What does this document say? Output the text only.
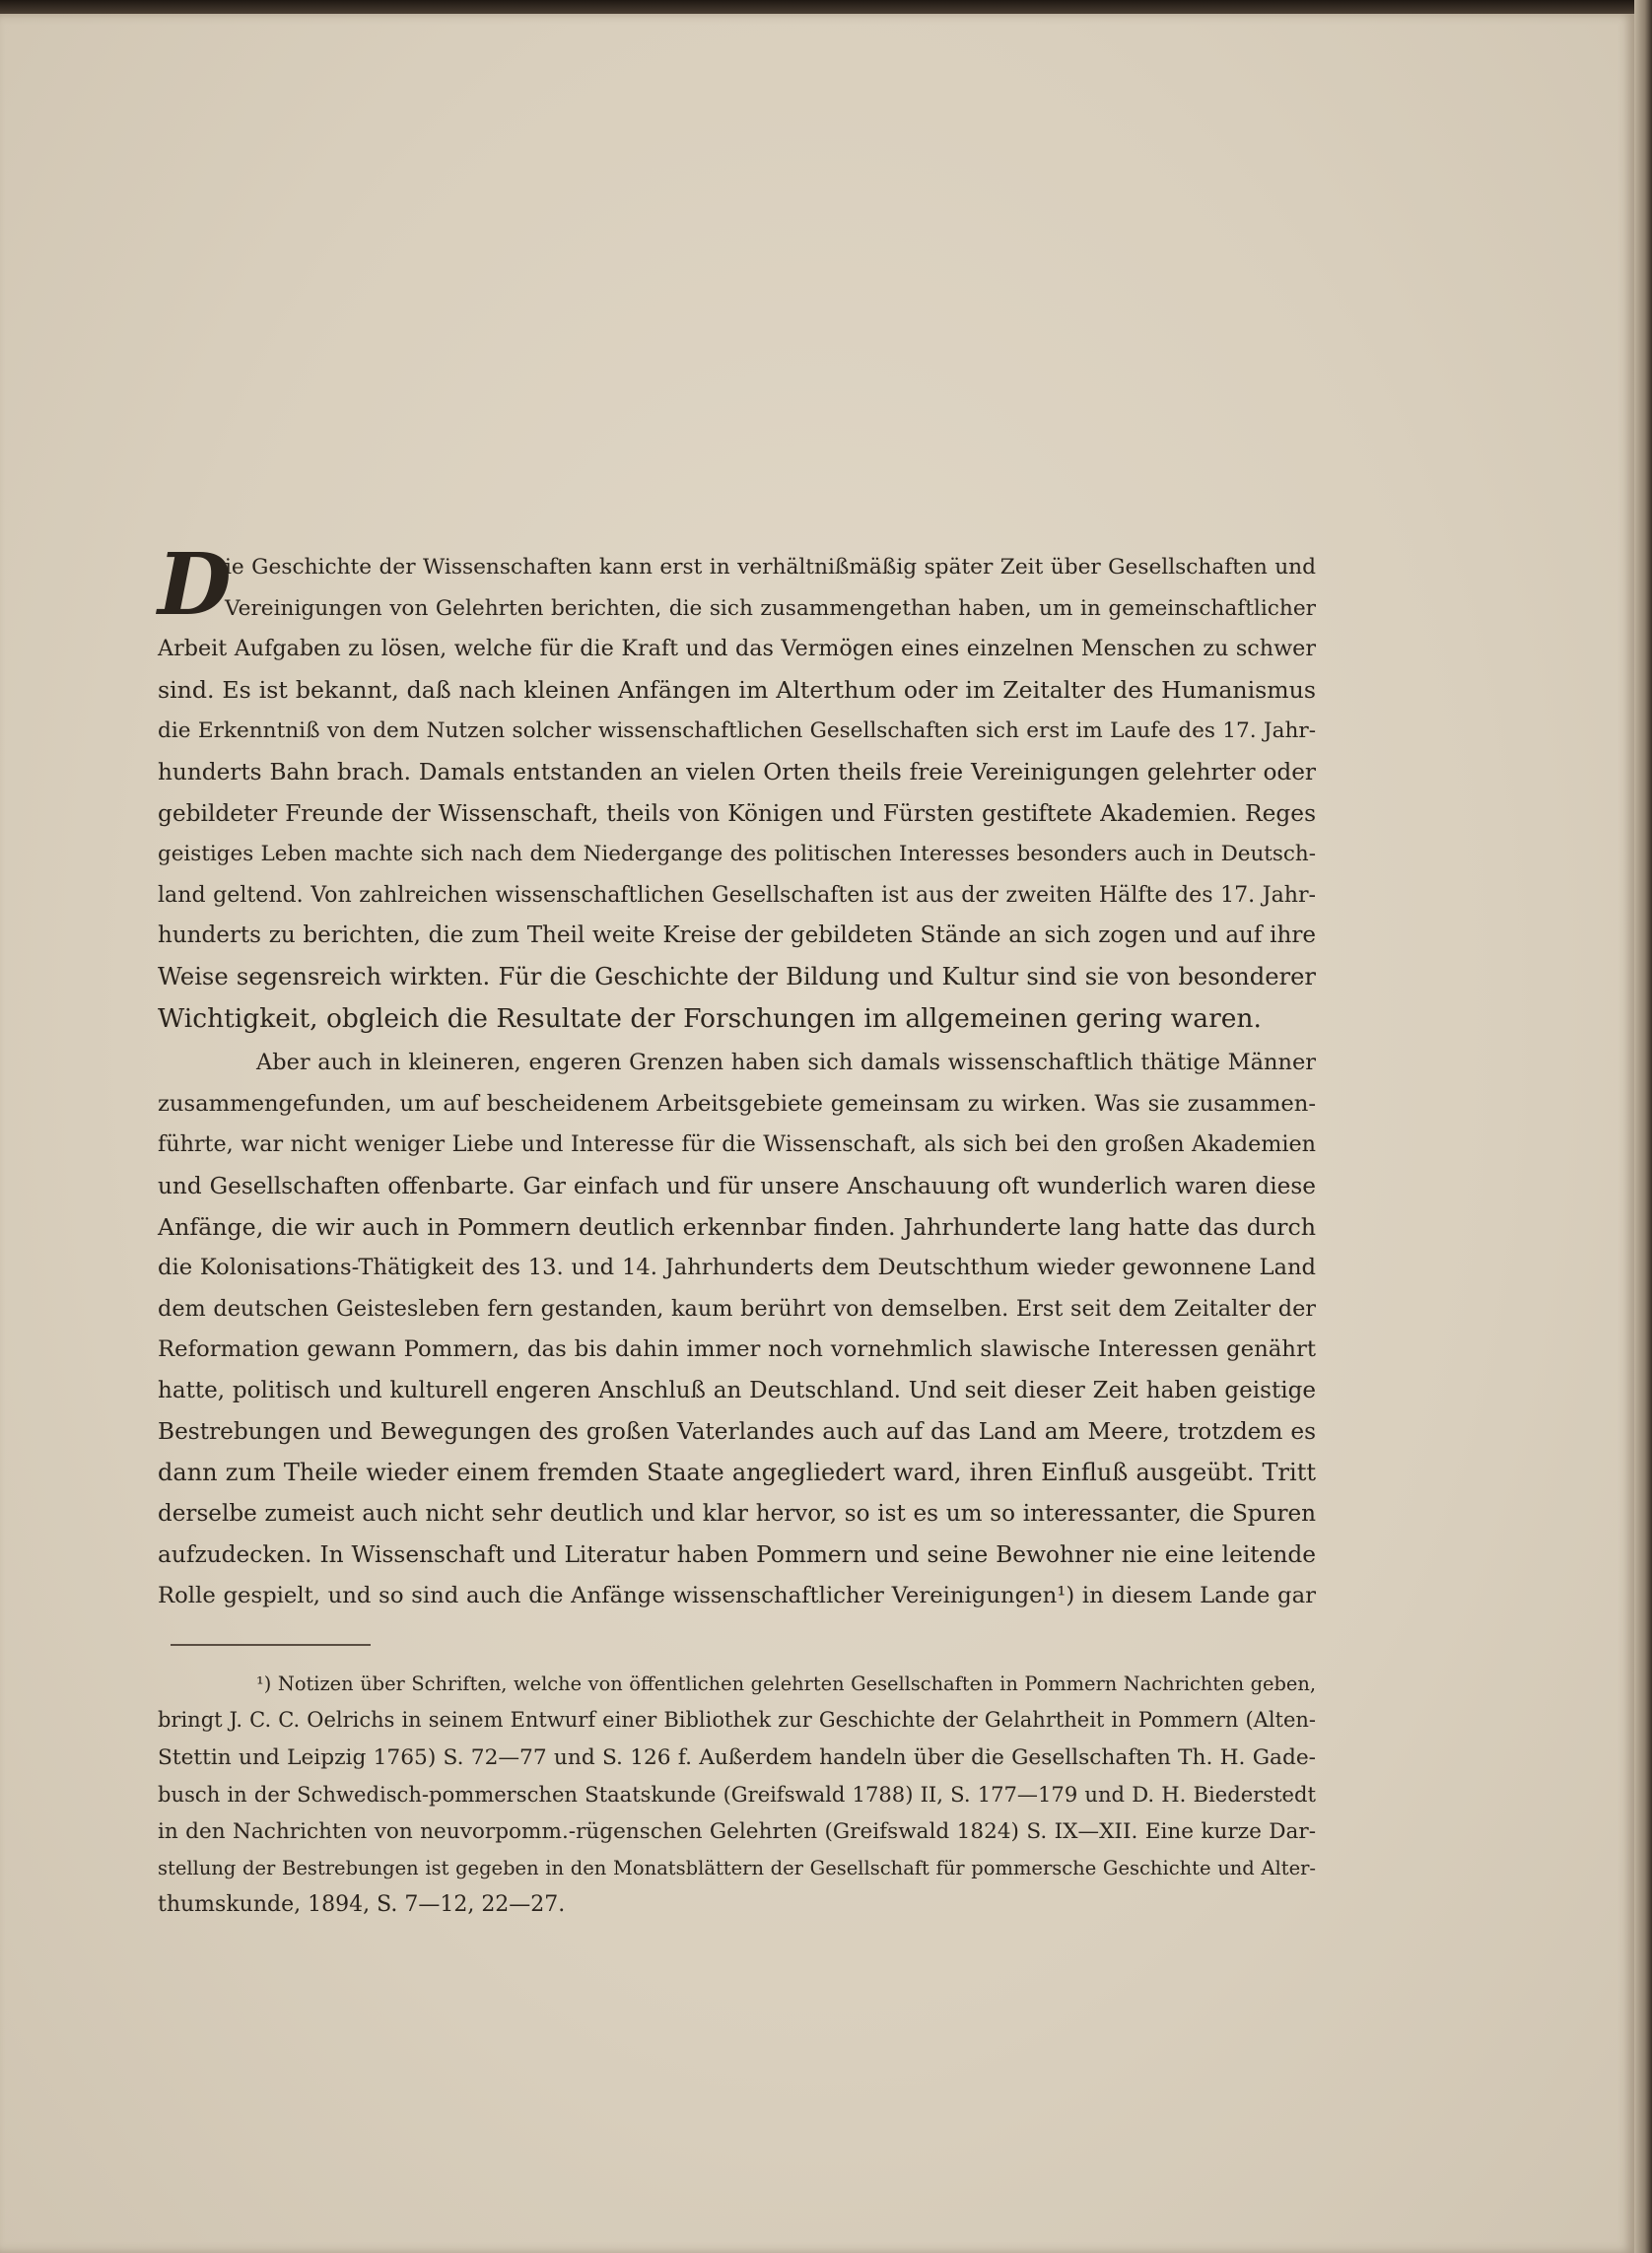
D
ie Geschichte der Wissenschaften kann erst in verhältnißmäßig später Zeit über Gesellschaften und
Vereinigungen von Gelehrten berichten, die sich zusammengethan haben, um in gemeinschaftlicher
Arbeit Aufgaben zu lösen, welche für die Kraft und das Vermögen eines einzelnen Menschen zu schwer
sind. Es ist bekannt, daß nach kleinen Anfängen im Alterthum oder im Zeitalter des Humanismus
die Erkenntniß von dem Nutzen solcher wissenschaftlichen Gesellschaften sich erst im Laufe des 17. Jahr-
hunderts Bahn brach. Damals entstanden an vielen Orten theils freie Vereinigungen gelehrter oder
gebildeter Freunde der Wissenschaft, theils von Königen und Fürsten gestiftete Akademien. Reges
geistiges Leben machte sich nach dem Niedergange des politischen Interesses besonders auch in Deutsch-
land geltend. Von zahlreichen wissenschaftlichen Gesellschaften ist aus der zweiten Hälfte des 17. Jahr-
hunderts zu berichten, die zum Theil weite Kreise der gebildeten Stände an sich zogen und auf ihre
Weise segensreich wirkten. Für die Geschichte der Bildung und Kultur sind sie von besonderer
Wichtigkeit, obgleich die Resultate der Forschungen im allgemeinen gering waren.
Aber auch in kleineren, engeren Grenzen haben sich damals wissenschaftlich thätige Männer
zusammengefunden, um auf bescheidenem Arbeitsgebiete gemeinsam zu wirken. Was sie zusammen-
führte, war nicht weniger Liebe und Interesse für die Wissenschaft, als sich bei den großen Akademien
und Gesellschaften offenbarte. Gar einfach und für unsere Anschauung oft wunderlich waren diese
Anfänge, die wir auch in Pommern deutlich erkennbar finden. Jahrhunderte lang hatte das durch
die Kolonisations-Thätigkeit des 13. und 14. Jahrhunderts dem Deutschthum wieder gewonnene Land
dem deutschen Geistesleben fern gestanden, kaum berührt von demselben. Erst seit dem Zeitalter der
Reformation gewann Pommern, das bis dahin immer noch vornehmlich slawische Interessen genährt
hatte, politisch und kulturell engeren Anschluß an Deutschland. Und seit dieser Zeit haben geistige
Bestrebungen und Bewegungen des großen Vaterlandes auch auf das Land am Meere, trotzdem es
dann zum Theile wieder einem fremden Staate angegliedert ward, ihren Einfluß ausgeübt. Tritt
derselbe zumeist auch nicht sehr deutlich und klar hervor, so ist es um so interessanter, die Spuren
aufzudecken. In Wissenschaft und Literatur haben Pommern und seine Bewohner nie eine leitende
Rolle gespielt, und so sind auch die Anfänge wissenschaftlicher Vereinigungen¹) in diesem Lande gar
¹) Notizen über Schriften, welche von öffentlichen gelehrten Gesellschaften in Pommern Nachrichten geben,
bringt J. C. C. Oelrichs in seinem Entwurf einer Bibliothek zur Geschichte der Gelahrtheit in Pommern (Alten-
Stettin und Leipzig 1765) S. 72—77 und S. 126 f. Außerdem handeln über die Gesellschaften Th. H. Gade-
busch in der Schwedisch-pommerschen Staatskunde (Greifswald 1788) II, S. 177—179 und D. H. Biederstedt
in den Nachrichten von neuvorpomm.-rügenschen Gelehrten (Greifswald 1824) S. IX—XII. Eine kurze Dar-
stellung der Bestrebungen ist gegeben in den Monatsblättern der Gesellschaft für pommersche Geschichte und Alter-
thumskunde, 1894, S. 7—12, 22—27.
